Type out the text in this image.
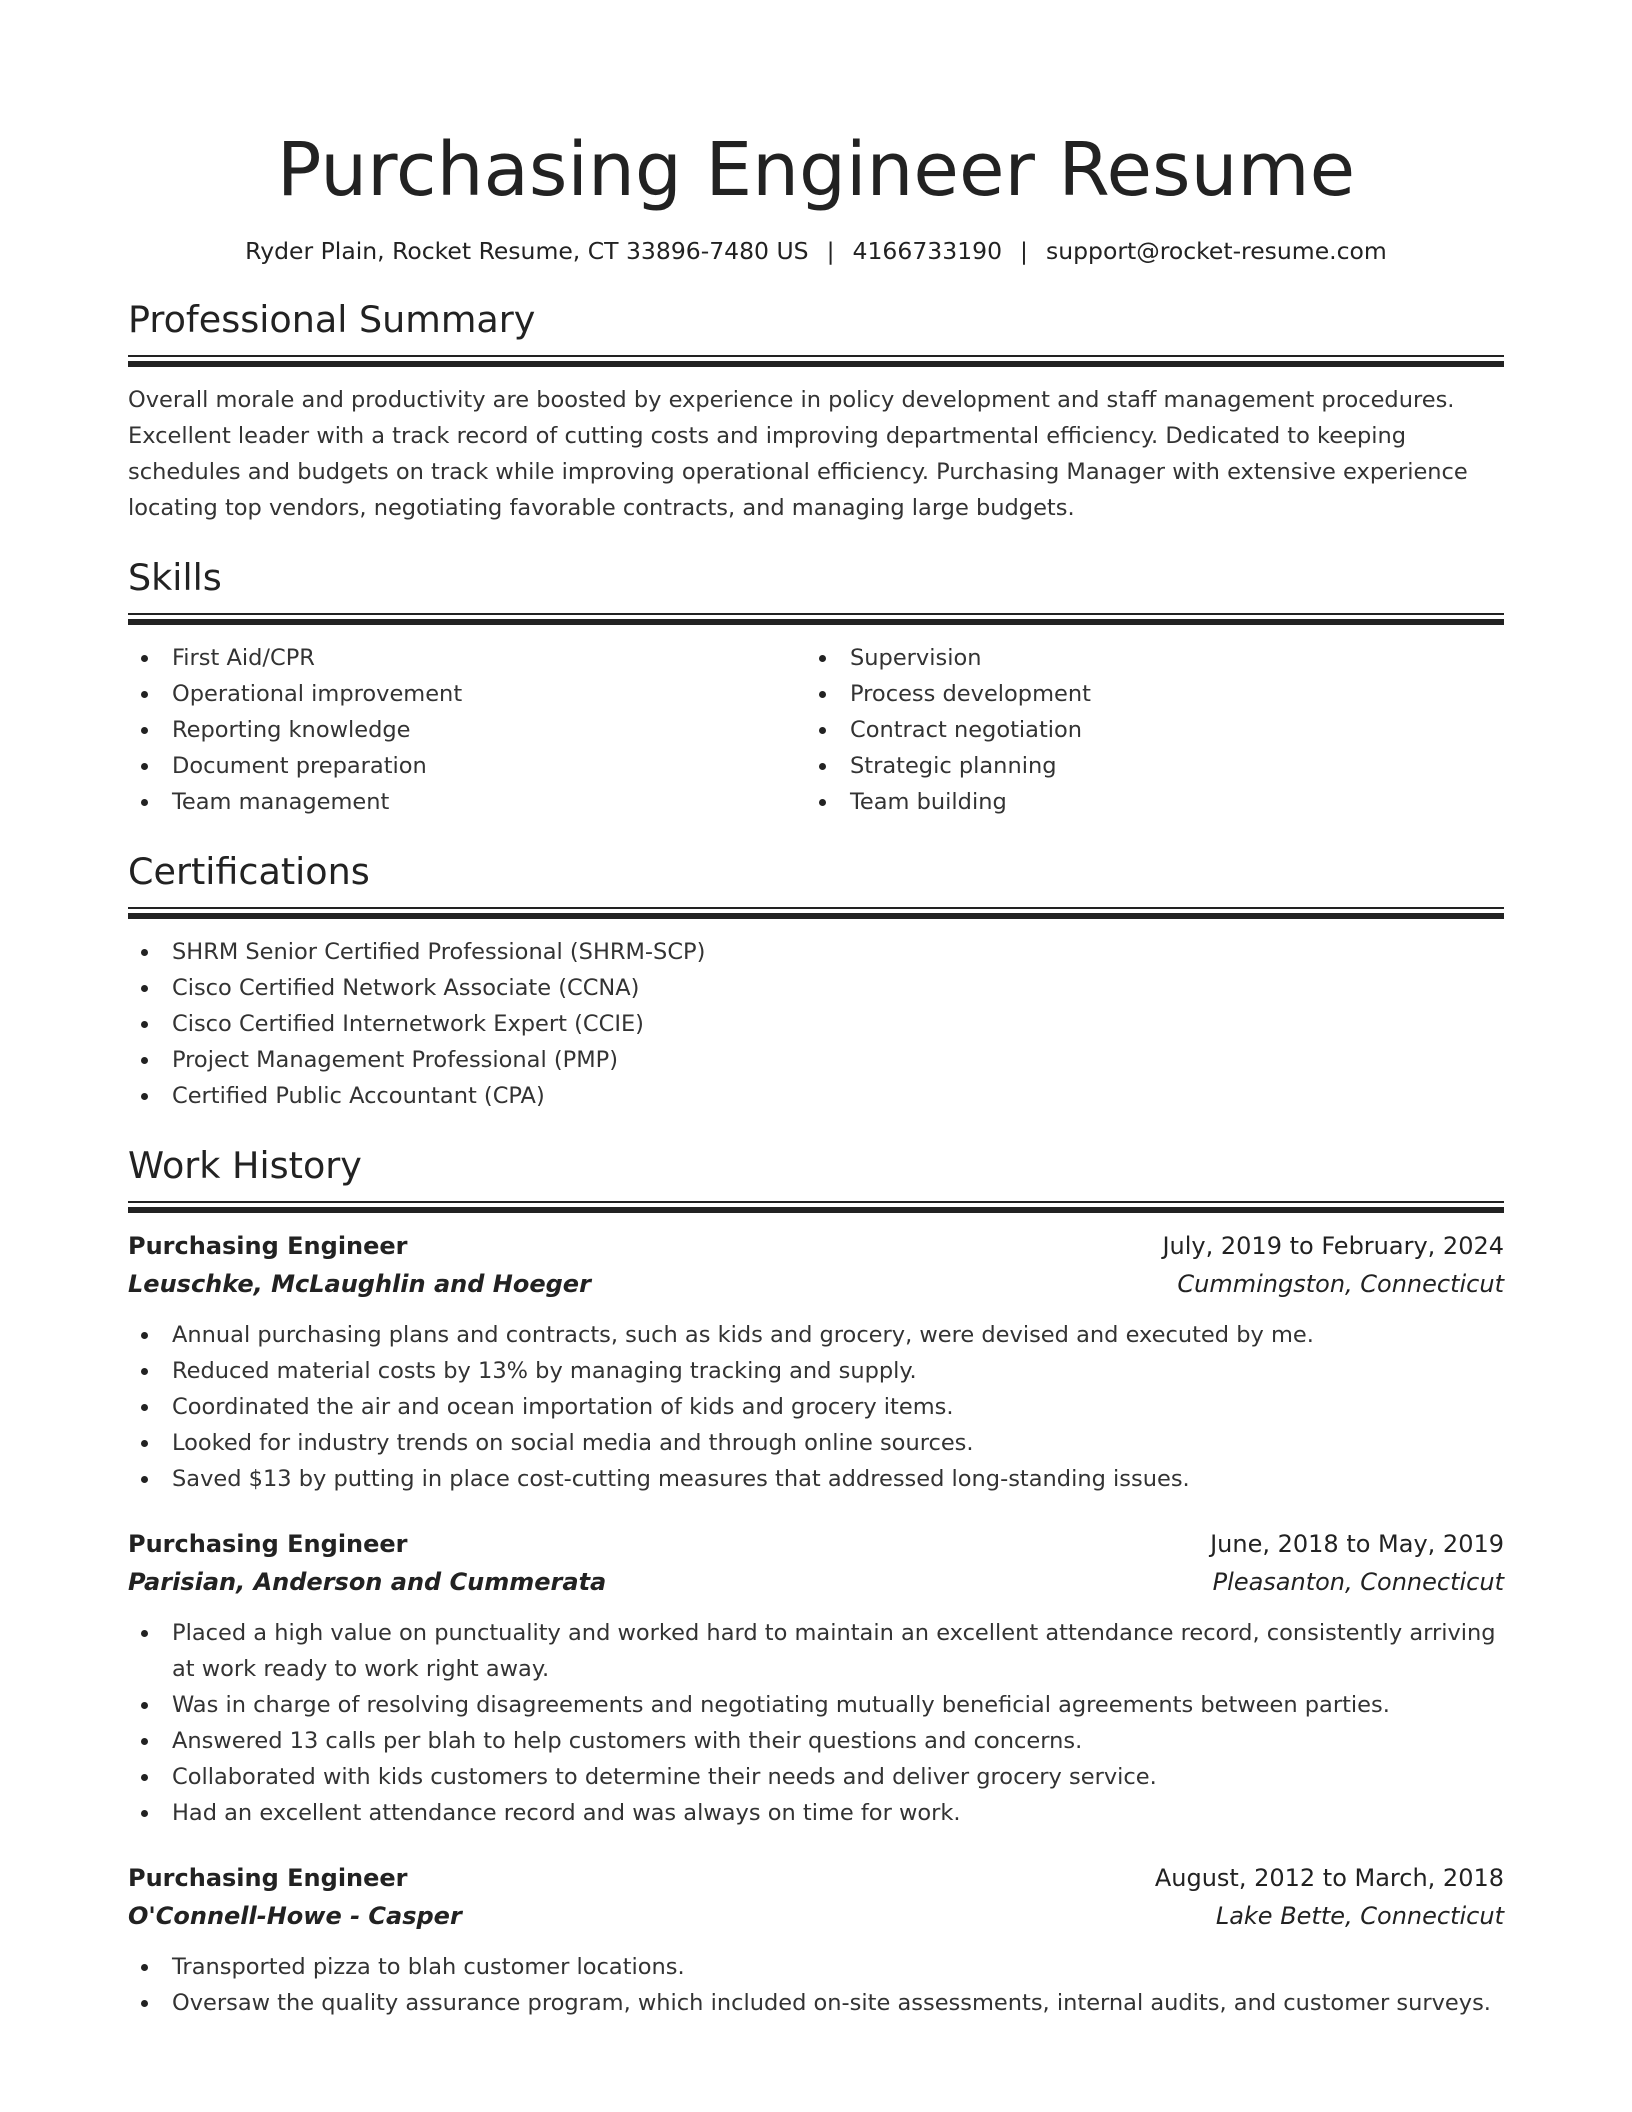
Purchasing Engineer Resume
Ryder Plain, Rocket Resume, CT 33896-7480 US | 4166733190 | support@rocket-resume.com
Professional Summary

Overall morale and productivity are boosted by experience in policy development and staff management procedures. Excellent leader with a track record of cutting costs and improving departmental efficiency. Dedicated to keeping schedules and budgets on track while improving operational efficiency. Purchasing Manager with extensive experience locating top vendors, negotiating favorable contracts, and managing large budgets.

Skills
First Aid/CPR
Operational improvement
Reporting knowledge
Document preparation
Team management
Supervision
Process development
Contract negotiation
Strategic planning
Team building
Certifications
SHRM Senior Certified Professional (SHRM-SCP)
Cisco Certified Network Associate (CCNA)
Cisco Certified Internetwork Expert (CCIE)
Project Management Professional (PMP)
Certified Public Accountant (CPA)
Work History
Purchasing Engineer	July, 2019 to February, 2024
Leuschke, McLaughlin and Hoeger	Cummingston, Connecticut
Annual purchasing plans and contracts, such as kids and grocery, were devised and executed by me.
Reduced material costs by 13% by managing tracking and supply.
Coordinated the air and ocean importation of kids and grocery items.
Looked for industry trends on social media and through online sources.
Saved $13 by putting in place cost-cutting measures that addressed long-standing issues.
Purchasing Engineer	June, 2018 to May, 2019
Parisian, Anderson and Cummerata	Pleasanton, Connecticut
Placed a high value on punctuality and worked hard to maintain an excellent attendance record, consistently arriving at work ready to work right away.
Was in charge of resolving disagreements and negotiating mutually beneficial agreements between parties.
Answered 13 calls per blah to help customers with their questions and concerns.
Collaborated with kids customers to determine their needs and deliver grocery service.
Had an excellent attendance record and was always on time for work.
Purchasing Engineer	August, 2012 to March, 2018
O'Connell-Howe - Casper	Lake Bette, Connecticut
Transported pizza to blah customer locations.
Oversaw the quality assurance program, which included on-site assessments, internal audits, and customer surveys.
